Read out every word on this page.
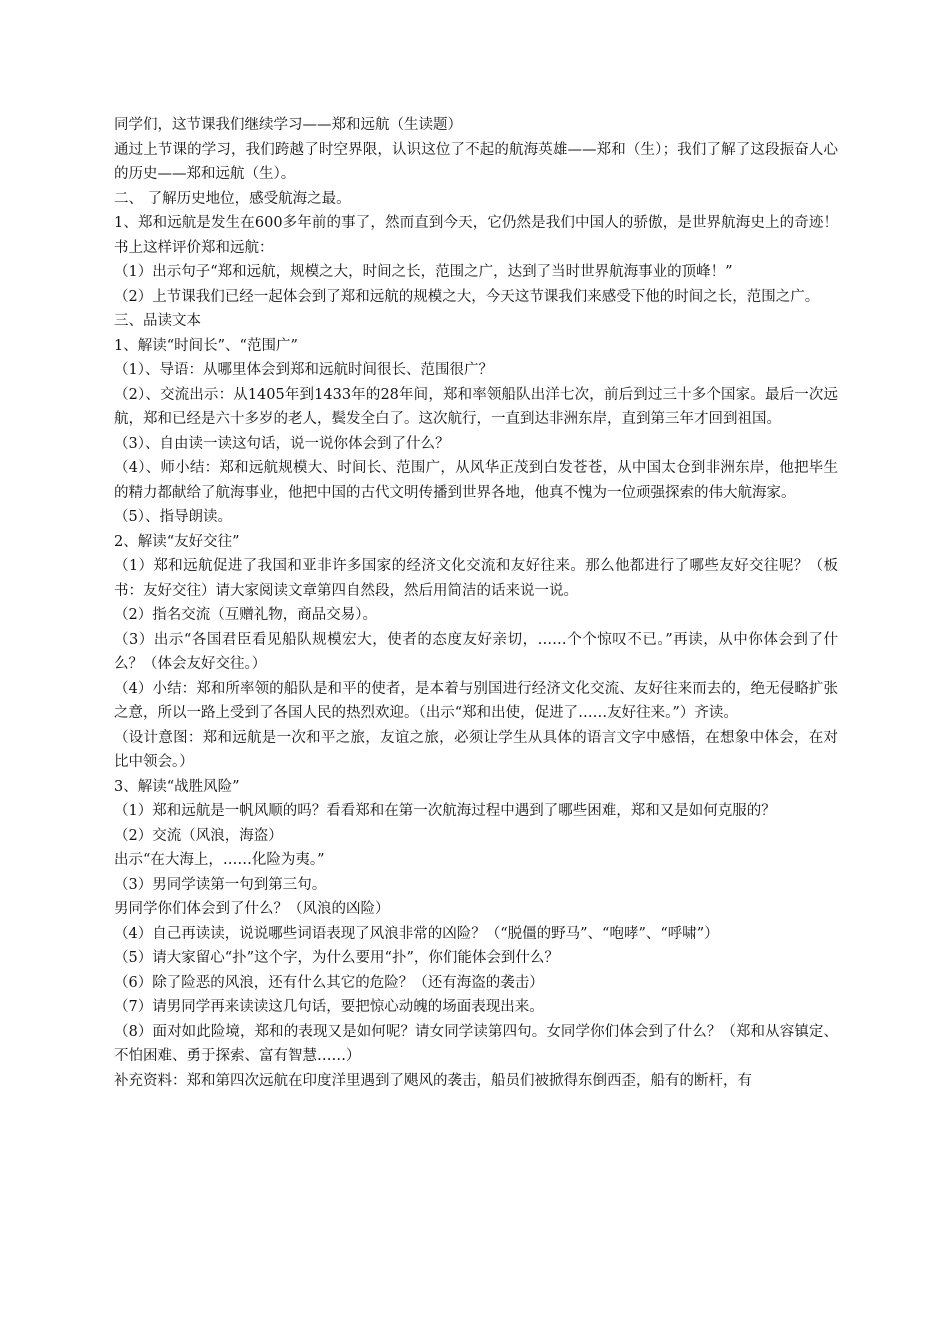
同学们，这节课我们继续学习——郑和远航（生读题）

通过上节课的学习，我们跨越了时空界限，认识这位了不起的航海英雄——郑和（生）；我们了解了这段振奋人心的历史——郑和远航（生）。

二、 了解历史地位，感受航海之最。

1、郑和远航是发生在600多年前的事了，然而直到今天，它仍然是我们中国人的骄傲，是世界航海史上的奇迹！书上这样评价郑和远航：

（1）出示句子“郑和远航，规模之大，时间之长，范围之广，达到了当时世界航海事业的顶峰！”

（2）上节课我们已经一起体会到了郑和远航的规模之大，今天这节课我们来感受下他的时间之长，范围之广。

三、品读文本

1、解读“时间长”、“范围广”

（1）、导语：从哪里体会到郑和远航时间很长、范围很广？

（2）、交流出示：从1405年到1433年的28年间，郑和率领船队出洋七次，前后到过三十多个国家。最后一次远航，郑和已经是六十多岁的老人，鬓发全白了。这次航行，一直到达非洲东岸，直到第三年才回到祖国。

（3）、自由读一读这句话，说一说你体会到了什么？

（4）、师小结：郑和远航规模大、时间长、范围广，从风华正茂到白发苍苍，从中国太仓到非洲东岸，他把毕生的精力都献给了航海事业，他把中国的古代文明传播到世界各地，他真不愧为一位顽强探索的伟大航海家。

（5）、指导朗读。

2、解读“友好交往”

（1）郑和远航促进了我国和亚非许多国家的经济文化交流和友好往来。那么他都进行了哪些友好交往呢？（板书：友好交往）请大家阅读文章第四自然段，然后用简洁的话来说一说。

（2）指名交流（互赠礼物，商品交易）。

（3）出示“各国君臣看见船队规模宏大，使者的态度友好亲切，……个个惊叹不已。”再读，从中你体会到了什么？（体会友好交往。）

（4）小结：郑和所率领的船队是和平的使者，是本着与别国进行经济文化交流、友好往来而去的，绝无侵略扩张之意，所以一路上受到了各国人民的热烈欢迎。（出示“郑和出使，促进了……友好往来。”）齐读。

（设计意图：郑和远航是一次和平之旅，友谊之旅，必须让学生从具体的语言文字中感悟，在想象中体会，在对比中领会。）

3、解读“战胜风险”

（1）郑和远航是一帆风顺的吗？看看郑和在第一次航海过程中遇到了哪些困难，郑和又是如何克服的？

（2）交流（风浪，海盗）

出示“在大海上，……化险为夷。”

（3）男同学读第一句到第三句。

男同学你们体会到了什么？（风浪的凶险）

（4）自己再读读，说说哪些词语表现了风浪非常的凶险？（“脱僵的野马”、“咆哮”、“呼啸”）

（5）请大家留心“扑”这个字，为什么要用“扑”，你们能体会到什么？

（6）除了险恶的风浪，还有什么其它的危险？（还有海盗的袭击）

（7）请男同学再来读读这几句话，要把惊心动魄的场面表现出来。

（8）面对如此险境，郑和的表现又是如何呢？请女同学读第四句。女同学你们体会到了什么？（郑和从容镇定、不怕困难、勇于探索、富有智慧……）

补充资料：郑和第四次远航在印度洋里遇到了飓风的袭击，船员们被掀得东倒西歪，船有的断杆，有
